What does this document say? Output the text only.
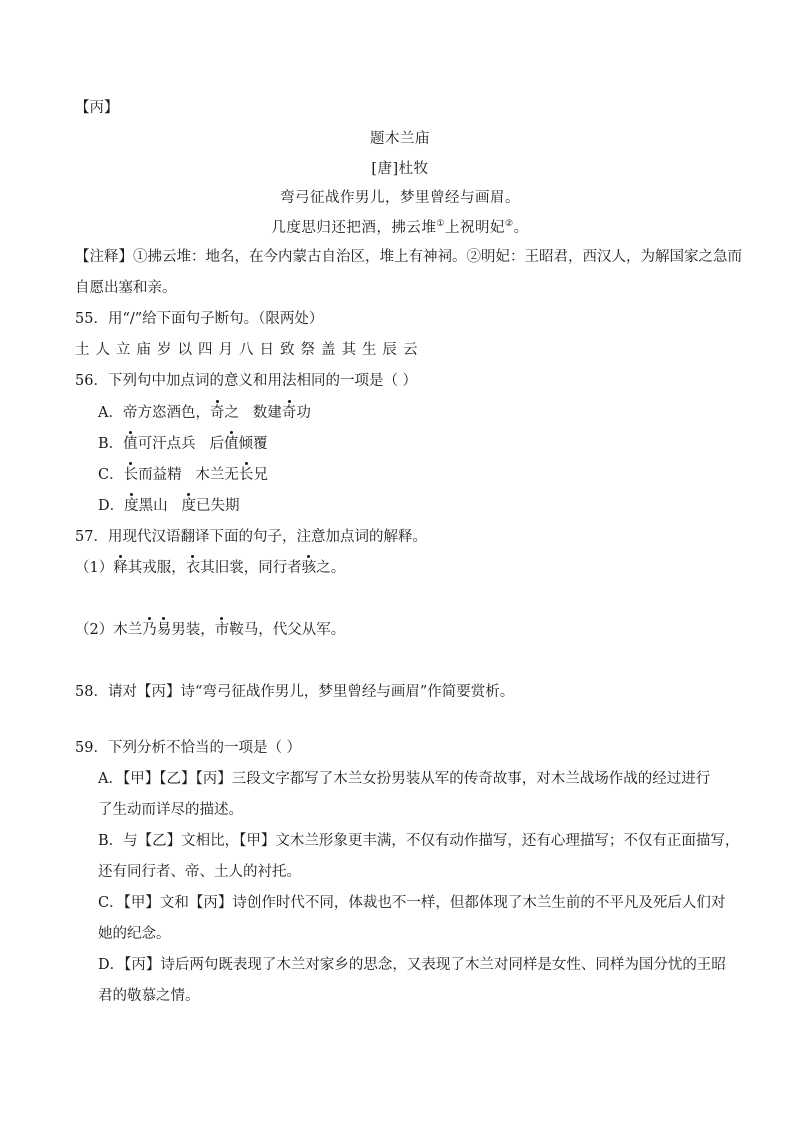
【丙】
题木兰庙
[唐]杜牧
弯弓征战作男儿，梦里曾经与画眉。
几度思归还把酒，拂云堆①上祝明妃②。
【注释】①拂云堆：地名，在今内蒙古自治区，堆上有神祠。②明妃：王昭君，西汉人，为解国家之急而
自愿出塞和亲。
55．用“/”给下面句子断句。（限两处）
土人立庙岁以四月八日致祭盖其生辰云
56．下列句中加点词的意义和用法相同的一项是（ ）
A．帝方恣酒色，奇之   数建奇功
B．值可汗点兵   后值倾覆
C．长而益精   木兰无长兄
D．度黑山   度已失期
57．用现代汉语翻译下面的句子，注意加点词的解释。
（1）释其戎服，衣其旧裳，同行者骇之。
（2）木兰乃易男装，市鞍马，代父从军。
58．请对【丙】诗“弯弓征战作男儿，梦里曾经与画眉”作简要赏析。
59．下列分析不恰当的一项是（ ）
A．【甲】【乙】【丙】三段文字都写了木兰女扮男装从军的传奇故事，对木兰战场作战的经过进行
了生动而详尽的描述。
B．与【乙】文相比，【甲】文木兰形象更丰满，不仅有动作描写，还有心理描写；不仅有正面描写，
还有同行者、帝、土人的衬托。
C．【甲】文和【丙】诗创作时代不同，体裁也不一样，但都体现了木兰生前的不平凡及死后人们对
她的纪念。
D．【丙】诗后两句既表现了木兰对家乡的思念，又表现了木兰对同样是女性、同样为国分忧的王昭
君的敬慕之情。
